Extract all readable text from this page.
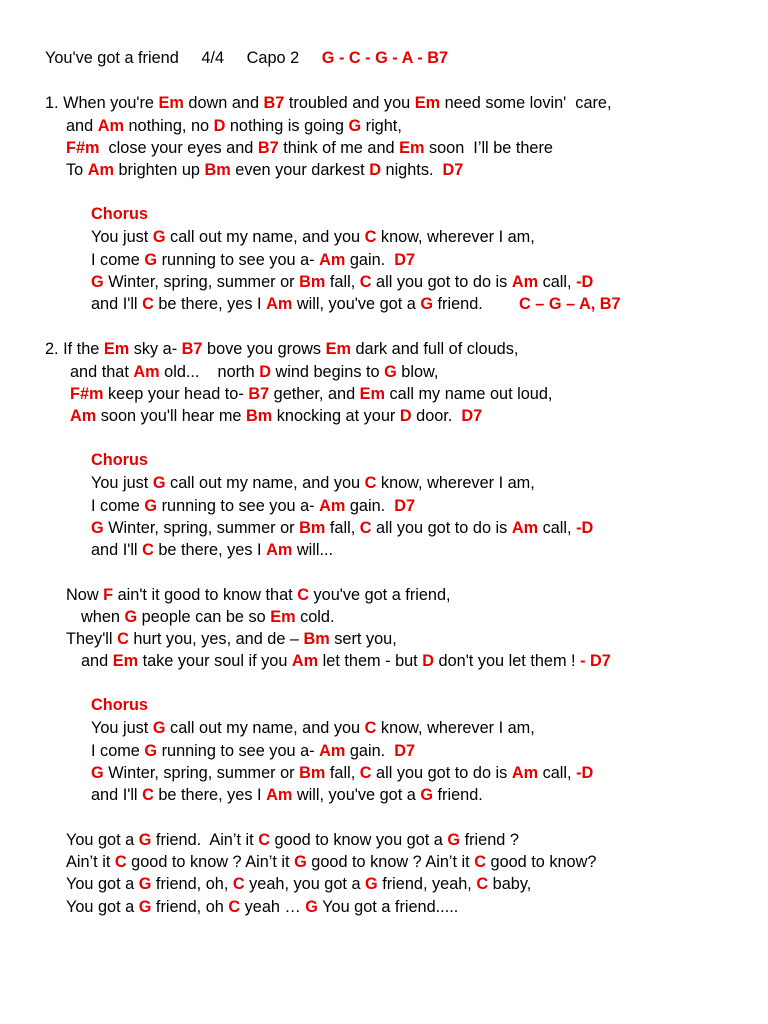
You've got a friend     4/4     Capo 2     G - C - G - A - B7
1. When you're Em down and B7 troubled and you Em need some lovin'  care,
and Am nothing, no D nothing is going G right,
F#m  close your eyes and B7 think of me and Em soon  I’ll be there
To Am brighten up Bm even your darkest D nights.  D7
Chorus
You just G call out my name, and you C know, wherever I am,
I come G running to see you a- Am gain.  D7
G Winter, spring, summer or Bm fall, C all you got to do is Am call, -D
and I'll C be there, yes I Am will, you've got a G friend.        C – G – A, B7
2. If the Em sky a- B7 bove you grows Em dark and full of clouds,
and that Am old...    north D wind begins to G blow,
F#m keep your head to- B7 gether, and Em call my name out loud,
Am soon you'll hear me Bm knocking at your D door.  D7
Chorus
You just G call out my name, and you C know, wherever I am,
I come G running to see you a- Am gain.  D7
G Winter, spring, summer or Bm fall, C all you got to do is Am call, -D
and I'll C be there, yes I Am will...
Now F ain't it good to know that C you've got a friend,
when G people can be so Em cold.
They'll C hurt you, yes, and de – Bm sert you,
and Em take your soul if you Am let them - but D don't you let them ! - D7
Chorus
You just G call out my name, and you C know, wherever I am,
I come G running to see you a- Am gain.  D7
G Winter, spring, summer or Bm fall, C all you got to do is Am call, -D
and I'll C be there, yes I Am will, you've got a G friend.
You got a G friend.  Ain’t it C good to know you got a G friend ?
Ain’t it C good to know ? Ain’t it G good to know ? Ain’t it C good to know?
You got a G friend, oh, C yeah, you got a G friend, yeah, C baby,
You got a G friend, oh C yeah … G You got a friend.....
